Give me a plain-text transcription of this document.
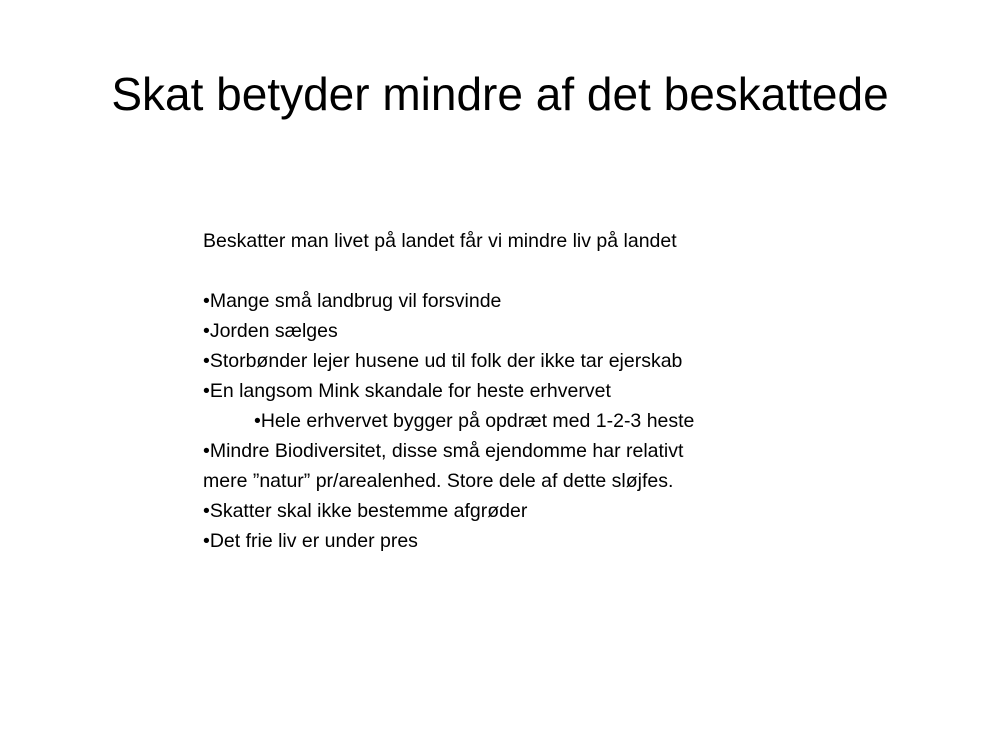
Skat betyder mindre af det beskattede
Beskatter man livet på landet får vi mindre liv på landet
•Mange små landbrug vil forsvinde
•Jorden sælges
•Storbønder lejer husene ud til folk der ikke tar ejerskab
•En langsom Mink skandale for heste erhvervet
•Hele erhvervet bygger på opdræt med 1-2-3 heste
•Mindre Biodiversitet, disse små ejendomme har relativt
mere ”natur” pr/arealenhed. Store dele af dette sløjfes.
•Skatter skal ikke bestemme afgrøder
•Det frie liv er under pres
